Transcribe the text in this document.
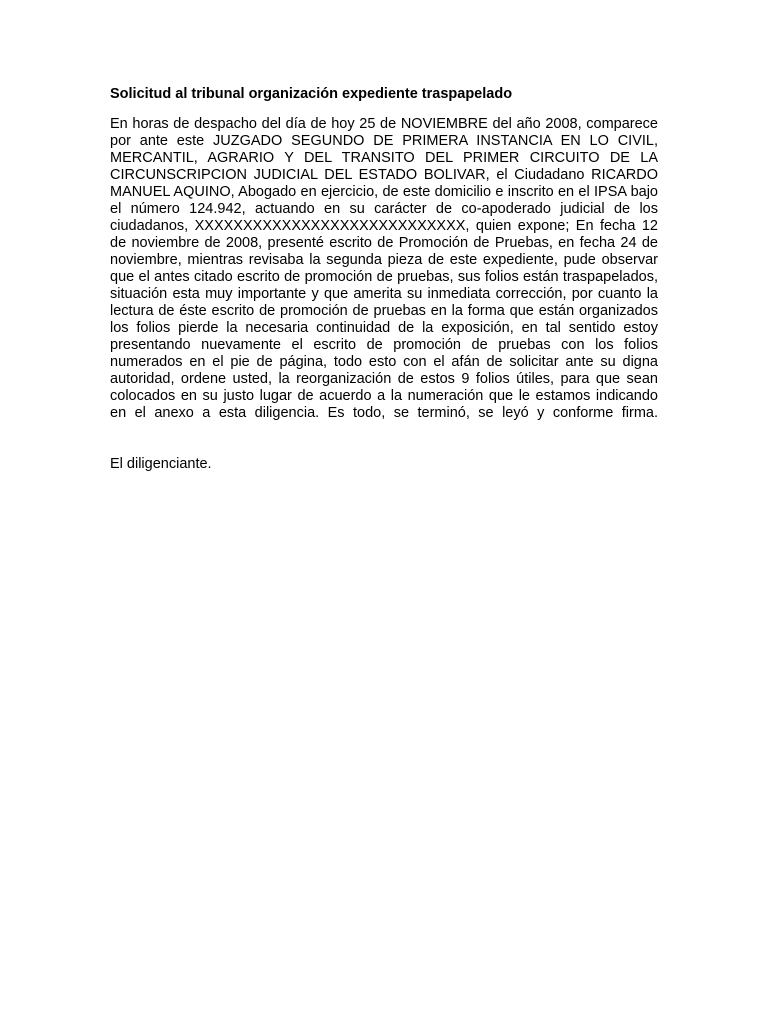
Solicitud al tribunal organización expediente traspapelado

En horas de despacho del día de hoy 25 de NOVIEMBRE del año 2008, comparece por ante este JUZGADO SEGUNDO DE PRIMERA INSTANCIA EN LO CIVIL, MERCANTIL, AGRARIO Y DEL TRANSITO DEL PRIMER CIRCUITO DE LA CIRCUNSCRIPCION JUDICIAL DEL ESTADO BOLIVAR, el Ciudadano RICARDO MANUEL AQUINO, Abogado en ejercicio, de este domicilio e inscrito en el IPSA bajo el número 124.942, actuando en su carácter de co-apoderado judicial de los ciudadanos, XXXXXXXXXXXXXXXXXXXXXXXXXXXX, quien expone; En fecha 12 de noviembre de 2008, presenté escrito de Promoción de Pruebas, en fecha 24 de noviembre, mientras revisaba la segunda pieza de este expediente, pude observar que el antes citado escrito de promoción de pruebas, sus folios están traspapelados, situación esta muy importante y que amerita su inmediata corrección, por cuanto la lectura de éste escrito de promoción de pruebas en la forma que están organizados los folios pierde la necesaria continuidad de la exposición, en tal sentido estoy presentando nuevamente el escrito de promoción de pruebas con los folios numerados en el pie de página, todo esto con el afán de solicitar ante su digna autoridad, ordene usted, la reorganización de estos 9 folios útiles, para que sean colocados en su justo lugar de acuerdo a la numeración que le estamos indicando en el anexo a esta diligencia. Es todo, se terminó, se leyó y conforme firma.

El diligenciante.
